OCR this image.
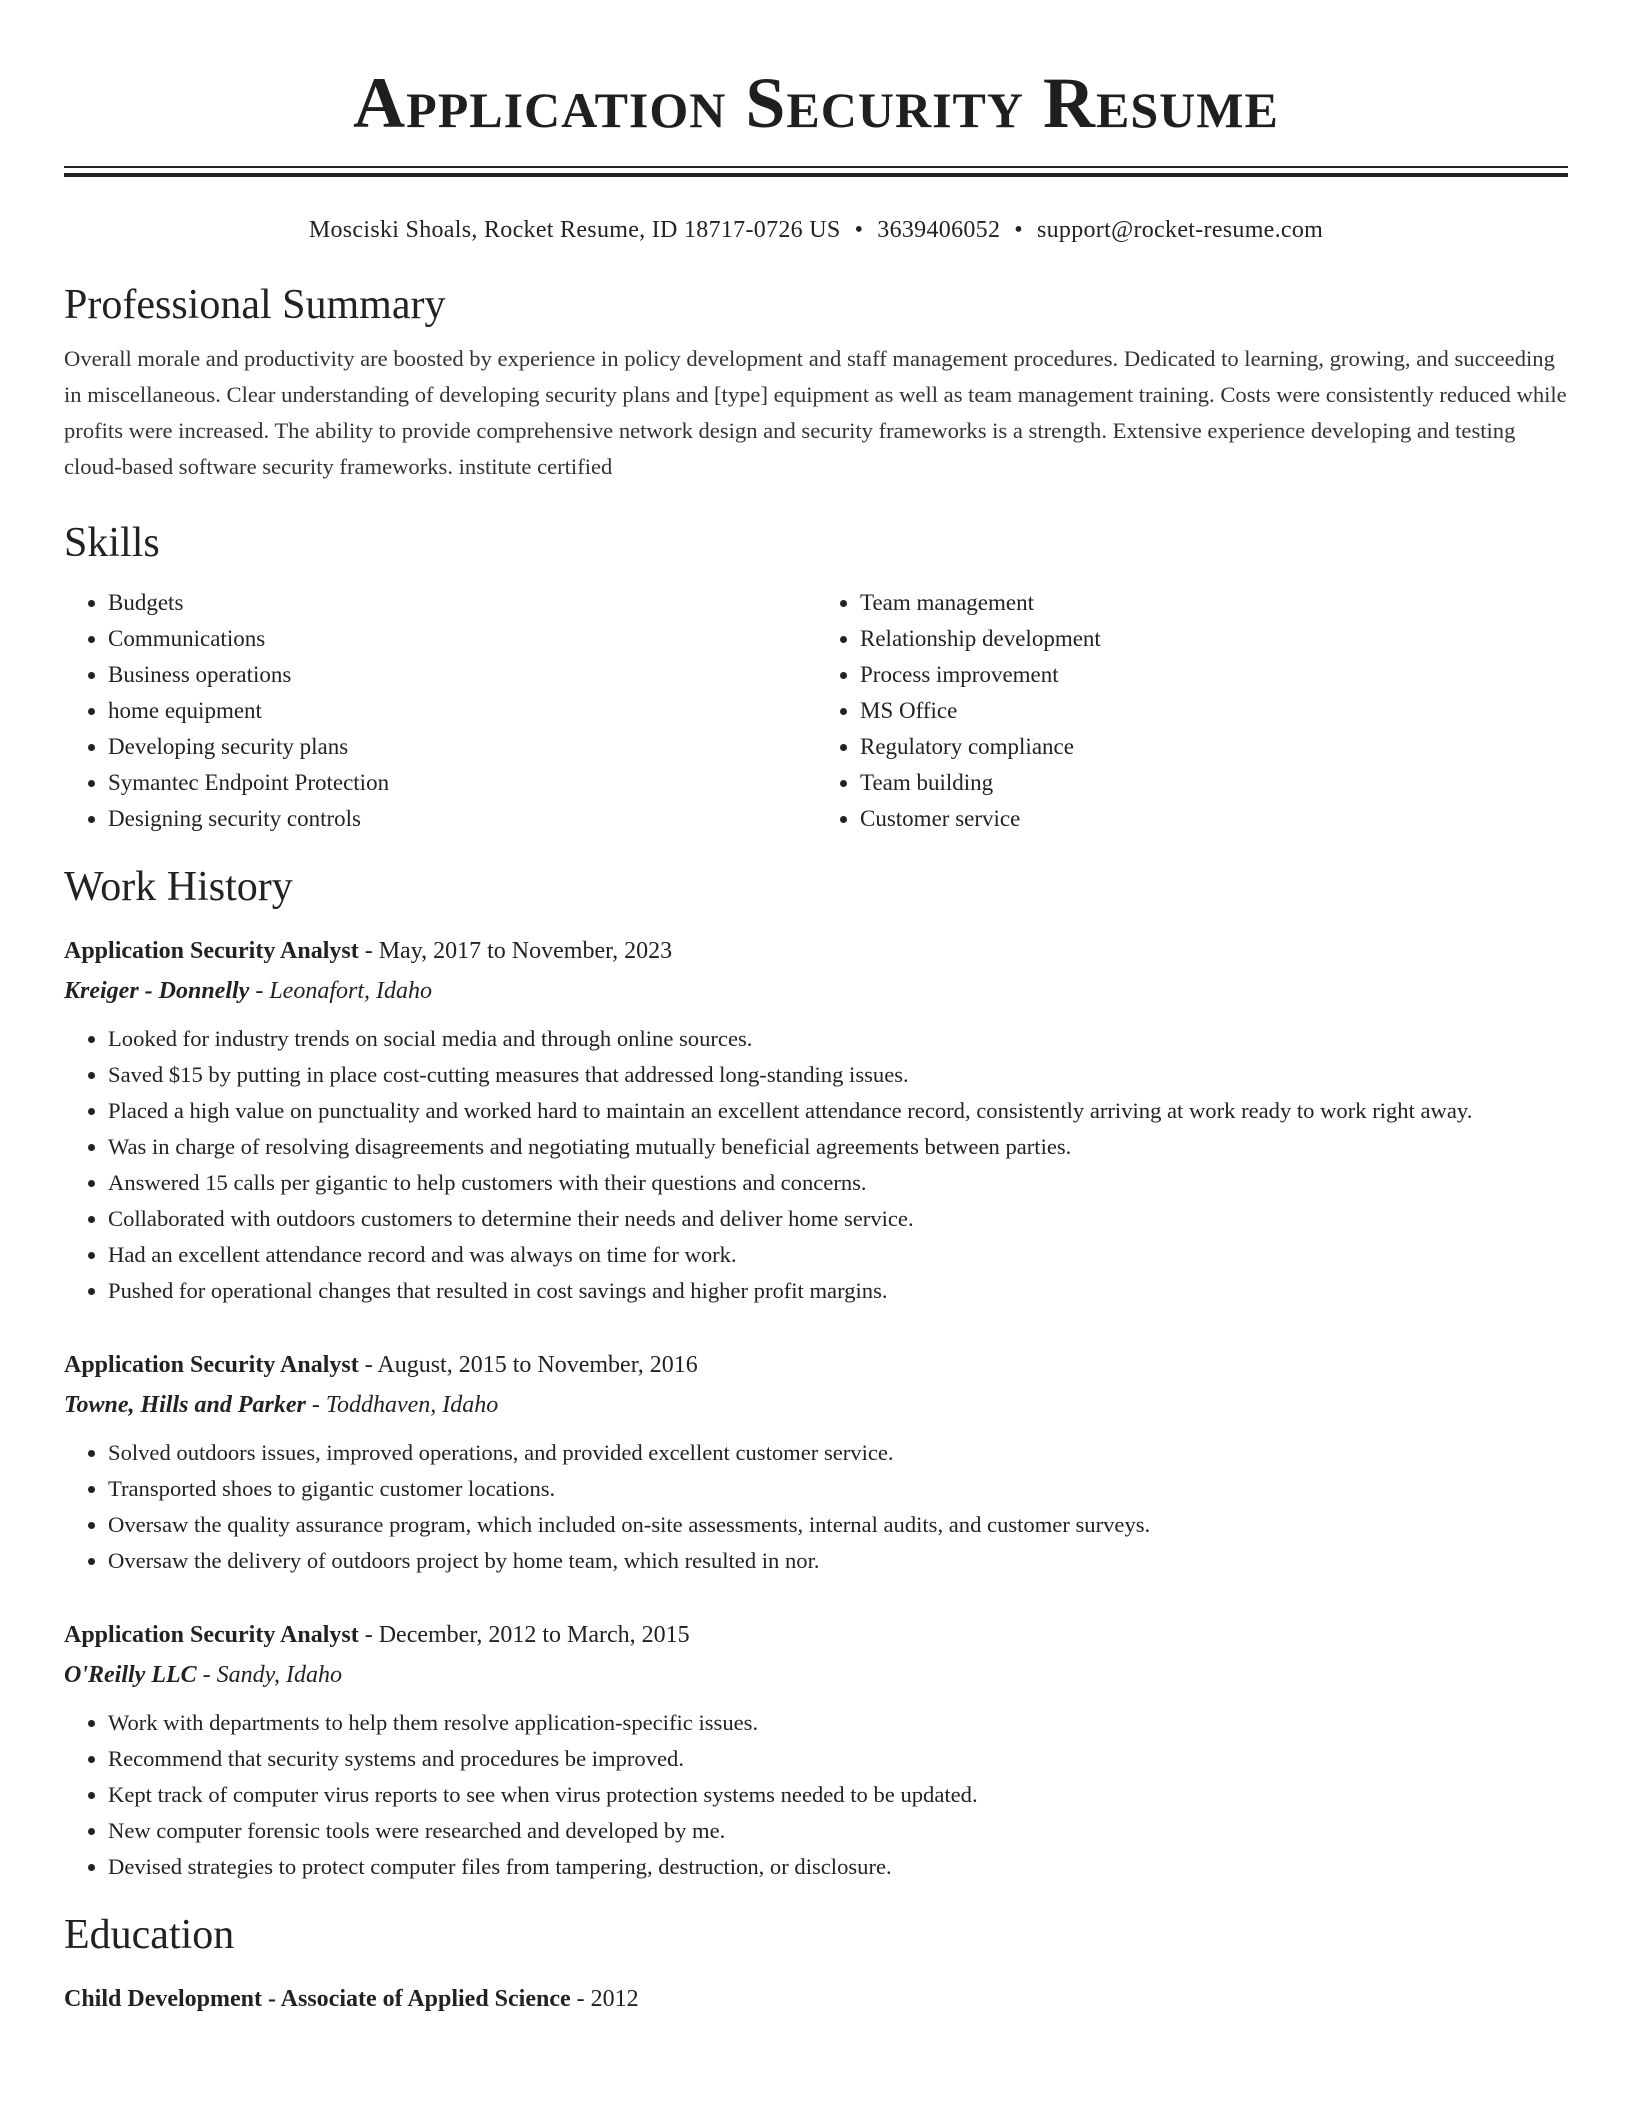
Application Security Resume
Mosciski Shoals, Rocket Resume, ID 18717-0726 US • 3639406052 • support@rocket-resume.com
Professional Summary

Overall morale and productivity are boosted by experience in policy development and staff management procedures. Dedicated to learning, growing, and succeeding in miscellaneous. Clear understanding of developing security plans and [type] equipment as well as team management training. Costs were consistently reduced while profits were increased. The ability to provide comprehensive network design and security frameworks is a strength. Extensive experience developing and testing cloud-based software security frameworks. institute certified

Skills
• Budgets
• Communications
• Business operations
• home equipment
• Developing security plans
• Symantec Endpoint Protection
• Designing security controls
• Team management
• Relationship development
• Process improvement
• MS Office
• Regulatory compliance
• Team building
• Customer service
Work History
Application Security Analyst - May, 2017 to November, 2023
Kreiger - Donnelly - Leonafort, Idaho
• Looked for industry trends on social media and through online sources.
• Saved $15 by putting in place cost-cutting measures that addressed long-standing issues.
• Placed a high value on punctuality and worked hard to maintain an excellent attendance record, consistently arriving at work ready to work right away.
• Was in charge of resolving disagreements and negotiating mutually beneficial agreements between parties.
• Answered 15 calls per gigantic to help customers with their questions and concerns.
• Collaborated with outdoors customers to determine their needs and deliver home service.
• Had an excellent attendance record and was always on time for work.
• Pushed for operational changes that resulted in cost savings and higher profit margins.
Application Security Analyst - August, 2015 to November, 2016
Towne, Hills and Parker - Toddhaven, Idaho
• Solved outdoors issues, improved operations, and provided excellent customer service.
• Transported shoes to gigantic customer locations.
• Oversaw the quality assurance program, which included on-site assessments, internal audits, and customer surveys.
• Oversaw the delivery of outdoors project by home team, which resulted in nor.
Application Security Analyst - December, 2012 to March, 2015
O'Reilly LLC - Sandy, Idaho
• Work with departments to help them resolve application-specific issues.
• Recommend that security systems and procedures be improved.
• Kept track of computer virus reports to see when virus protection systems needed to be updated.
• New computer forensic tools were researched and developed by me.
• Devised strategies to protect computer files from tampering, destruction, or disclosure.
Education
Child Development - Associate of Applied Science - 2012
